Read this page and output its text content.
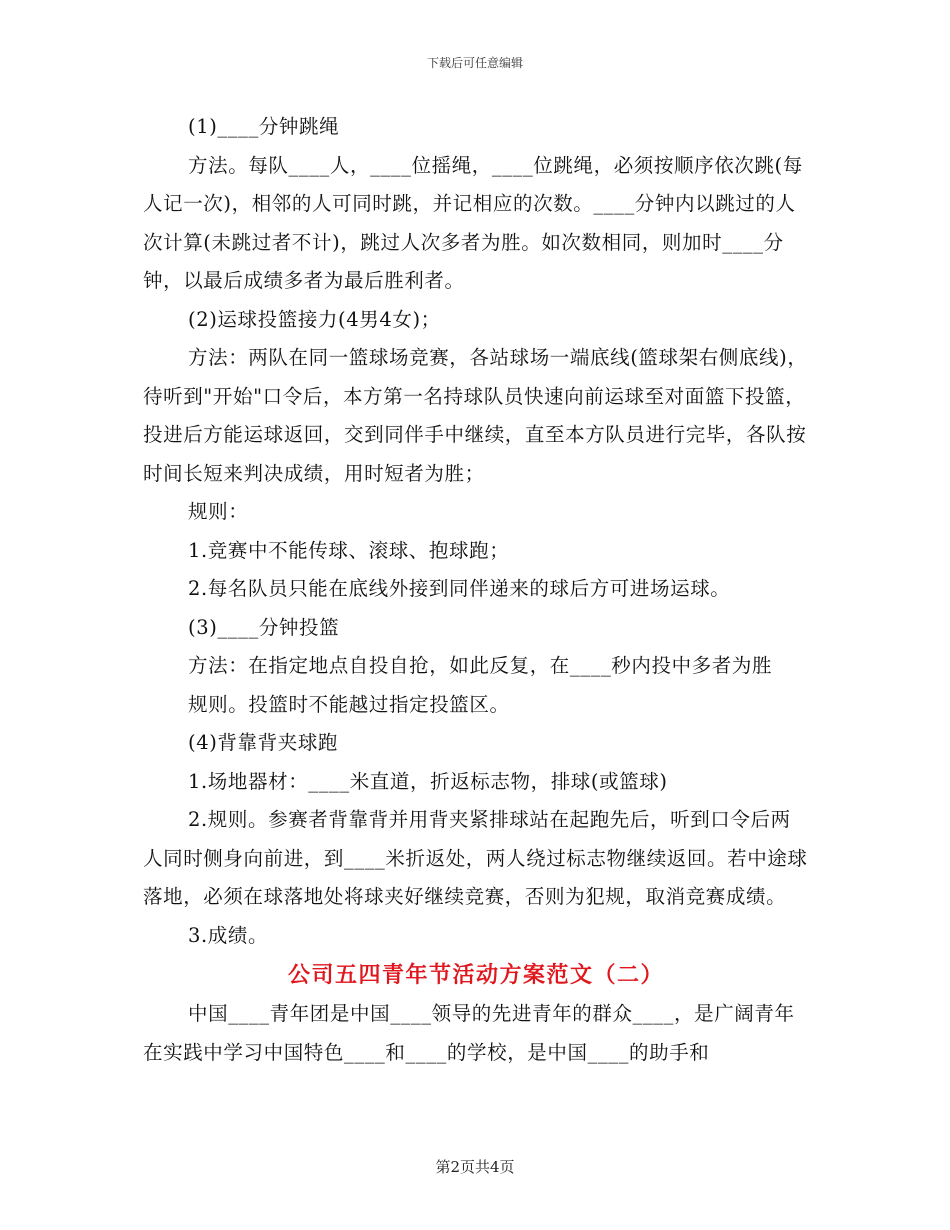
下载后可任意编辑

(1)____分钟跳绳

方法。每队____人，____位摇绳，____位跳绳，必须按顺序依次跳(每人记一次)，相邻的人可同时跳，并记相应的次数。____分钟内以跳过的人次计算(未跳过者不计)，跳过人次多者为胜。如次数相同，则加时____分钟，以最后成绩多者为最后胜利者。

(2)运球投篮接力(4男4女)；

方法：两队在同一篮球场竞赛，各站球场一端底线(篮球架右侧底线)，待听到"开始"口令后，本方第一名持球队员快速向前运球至对面篮下投篮，投进后方能运球返回，交到同伴手中继续，直至本方队员进行完毕，各队按时间长短来判决成绩，用时短者为胜；

规则：

1.竞赛中不能传球、滚球、抱球跑；

2.每名队员只能在底线外接到同伴递来的球后方可进场运球。

(3)____分钟投篮

方法：在指定地点自投自抢，如此反复，在____秒内投中多者为胜

规则。投篮时不能越过指定投篮区。

(4)背靠背夹球跑

1.场地器材：____米直道，折返标志物，排球(或篮球)

2.规则。参赛者背靠背并用背夹紧排球站在起跑先后，听到口令后两人同时侧身向前进，到____米折返处，两人绕过标志物继续返回。若中途球落地，必须在球落地处将球夹好继续竞赛，否则为犯规，取消竞赛成绩。

3.成绩。

公司五四青年节活动方案范文（二）

中国____青年团是中国____领导的先进青年的群众____，是广阔青年在实践中学习中国特色____和____的学校，是中国____的助手和

第2页共4页
